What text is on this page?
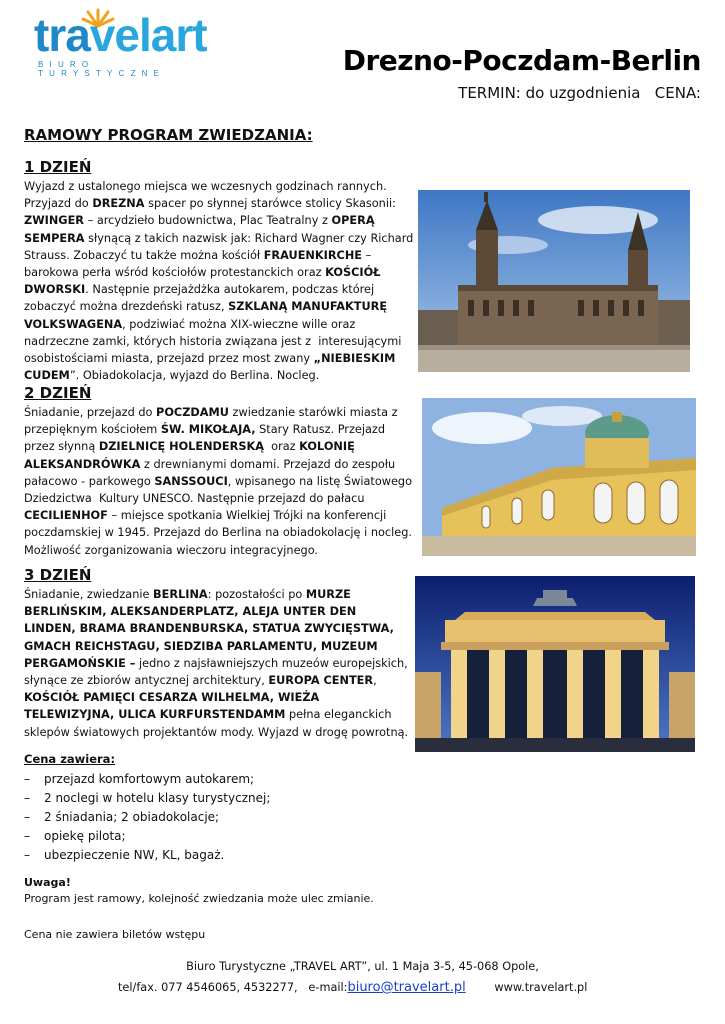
travelart
BIURO TURYSTYCZNE	Drezno-Poczdam-Berlin
TERMIN: do uzgodnienia   CENA:
RAMOWY PROGRAM ZWIEDZANIA:
1 DZIEŃ
Wyjazd z ustalonego miejsca we wczesnych godzinach rannych.
Przyjazd do DREZNA spacer po słynnej starówce stolicy Skasonii:
ZWINGER – arcydzieło budownictwa, Plac Teatralny z OPERĄ
SEMPERA słynącą z takich nazwisk jak: Richard Wagner czy Richard
Strauss. Zobaczyć tu także można kościół FRAUENKIRCHE –
barokowa perła wśród kościołów protestanckich oraz KOŚCIÓŁ
DWORSKI. Następnie przejażdżka autokarem, podczas której
zobaczyć można drezdeński ratusz, SZKLANĄ MANUFAKTURĘ
VOLKSWAGENA, podziwiać można XIX-wieczne wille oraz
nadrzeczne zamki, których historia związana jest z  interesującymi
osobistościami miasta, przejazd przez most zwany „NIEBIESKIM
CUDEM”. Obiadokolacja, wyjazd do Berlina. Nocleg.
2 DZIEŃ
Śniadanie, przejazd do POCZDAMU zwiedzanie starówki miasta z
przepięknym kościołem ŚW. MIKOŁAJA, Stary Ratusz. Przejazd
przez słynną DZIELNICĘ HOLENDERSKĄ  oraz KOLONIĘ
ALEKSANDRÓWKA z drewnianymi domami. Przejazd do zespołu
pałacowo - parkowego SANSSOUCI, wpisanego na listę Światowego
Dziedzictwa  Kultury UNESCO. Następnie przejazd do pałacu
CECILIENHOF – miejsce spotkania Wielkiej Trójki na konferencji
poczdamskiej w 1945. Przejazd do Berlina na obiadokolację i nocleg.
Możliwość zorganizowania wieczoru integracyjnego.
3 DZIEŃ
Śniadanie, zwiedzanie BERLINA: pozostałości po MURZE
BERLIŃSKIM, ALEKSANDERPLATZ, ALEJA UNTER DEN
LINDEN, BRAMA BRANDENBURSKA, STATUA ZWYCIĘSTWA,
GMACH REICHSTAGU, SIEDZIBA PARLAMENTU, MUZEUM
PERGAMOŃSKIE – jedno z najsławniejszych muzeów europejskich,
słynące ze zbiorów antycznej architektury, EUROPA CENTER,
KOŚCIÓŁ PAMIĘCI CESARZA WILHELMA, WIEŻA
TELEWIZYJNA, ULICA KURFURSTENDAMM pełna eleganckich
sklepów światowych projektantów mody. Wyjazd w drogę powrotną.
Cena zawiera:
– przejazd komfortowym autokarem;
– 2 noclegi w hotelu klasy turystycznej;
– 2 śniadania; 2 obiadokolacje;
– opiekę pilota;
– ubezpieczenie NW, KL, bagaż.
Uwaga!
Program jest ramowy, kolejność zwiedzania może ulec zmianie.
Cena nie zawiera biletów wstępu
Biuro Turystyczne „TRAVEL ART”, ul. 1 Maja 3-5, 45-068 Opole,
tel/fax. 077 4546065, 4532277,   e-mail:biuro@travelart.pl	www.travelart.pl
